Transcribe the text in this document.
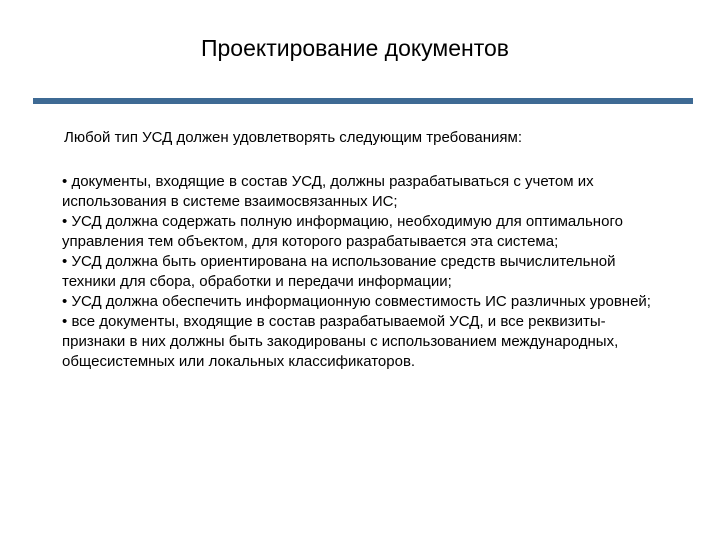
Проектирование документов

Любой тип УСД должен удовлетворять следующим требованиям:

• документы, входящие в состав УСД, должны разрабатываться с учетом их использования в системе взаимосвязанных ИС;
• УСД должна содержать полную информацию, необходимую для оптимального управления тем объектом, для которого разрабатывается эта система;
• УСД должна быть ориентирована на использование средств вычислительной техники для сбора, обработки и передачи информации;
• УСД должна обеспечить информационную совместимость ИС различных уровней;
• все документы, входящие в состав разрабатываемой УСД, и все реквизиты-признаки в них должны быть закодированы с использованием международных, общесистемных или локальных классификаторов.
